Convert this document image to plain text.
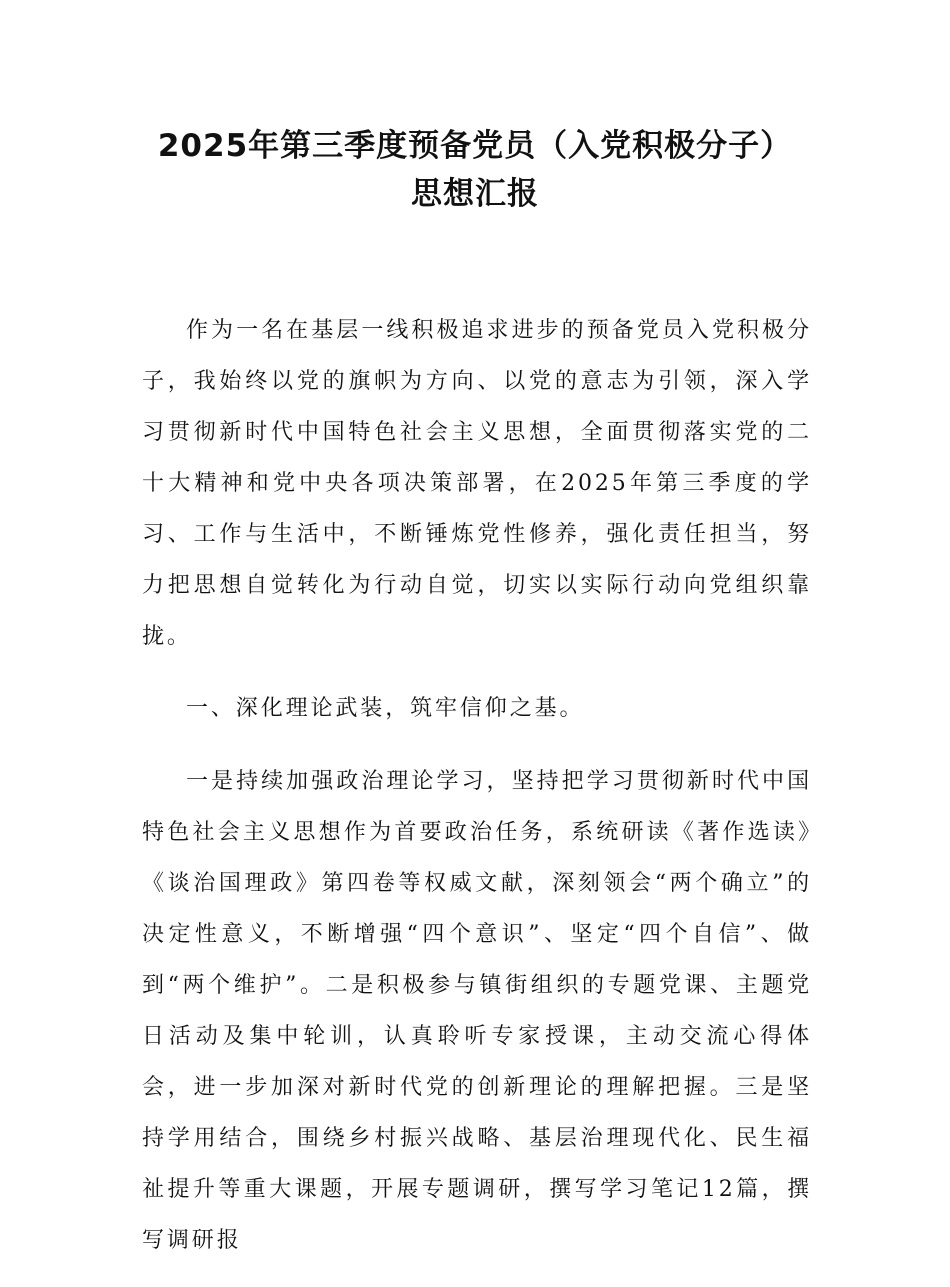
2025年第三季度预备党员（入党积极分子）
思想汇报

作为一名在基层一线积极追求进步的预备党员入党积极分子，我始终以党的旗帜为方向、以党的意志为引领，深入学习贯彻新时代中国特色社会主义思想，全面贯彻落实党的二十大精神和党中央各项决策部署，在2025年第三季度的学习、工作与生活中，不断锤炼党性修养，强化责任担当，努力把思想自觉转化为行动自觉，切实以实际行动向党组织靠拢。

一、深化理论武装，筑牢信仰之基。

一是持续加强政治理论学习，坚持把学习贯彻新时代中国特色社会主义思想作为首要政治任务，系统研读《著作选读》《谈治国理政》第四卷等权威文献，深刻领会“两个确立”的决定性意义，不断增强“四个意识”、坚定“四个自信”、做到“两个维护”。二是积极参与镇街组织的专题党课、主题党日活动及集中轮训，认真聆听专家授课，主动交流心得体会，进一步加深对新时代党的创新理论的理解把握。三是坚持学用结合，围绕乡村振兴战略、基层治理现代化、民生福祉提升等重大课题，开展专题调研，撰写学习笔记12篇，撰写调研报
